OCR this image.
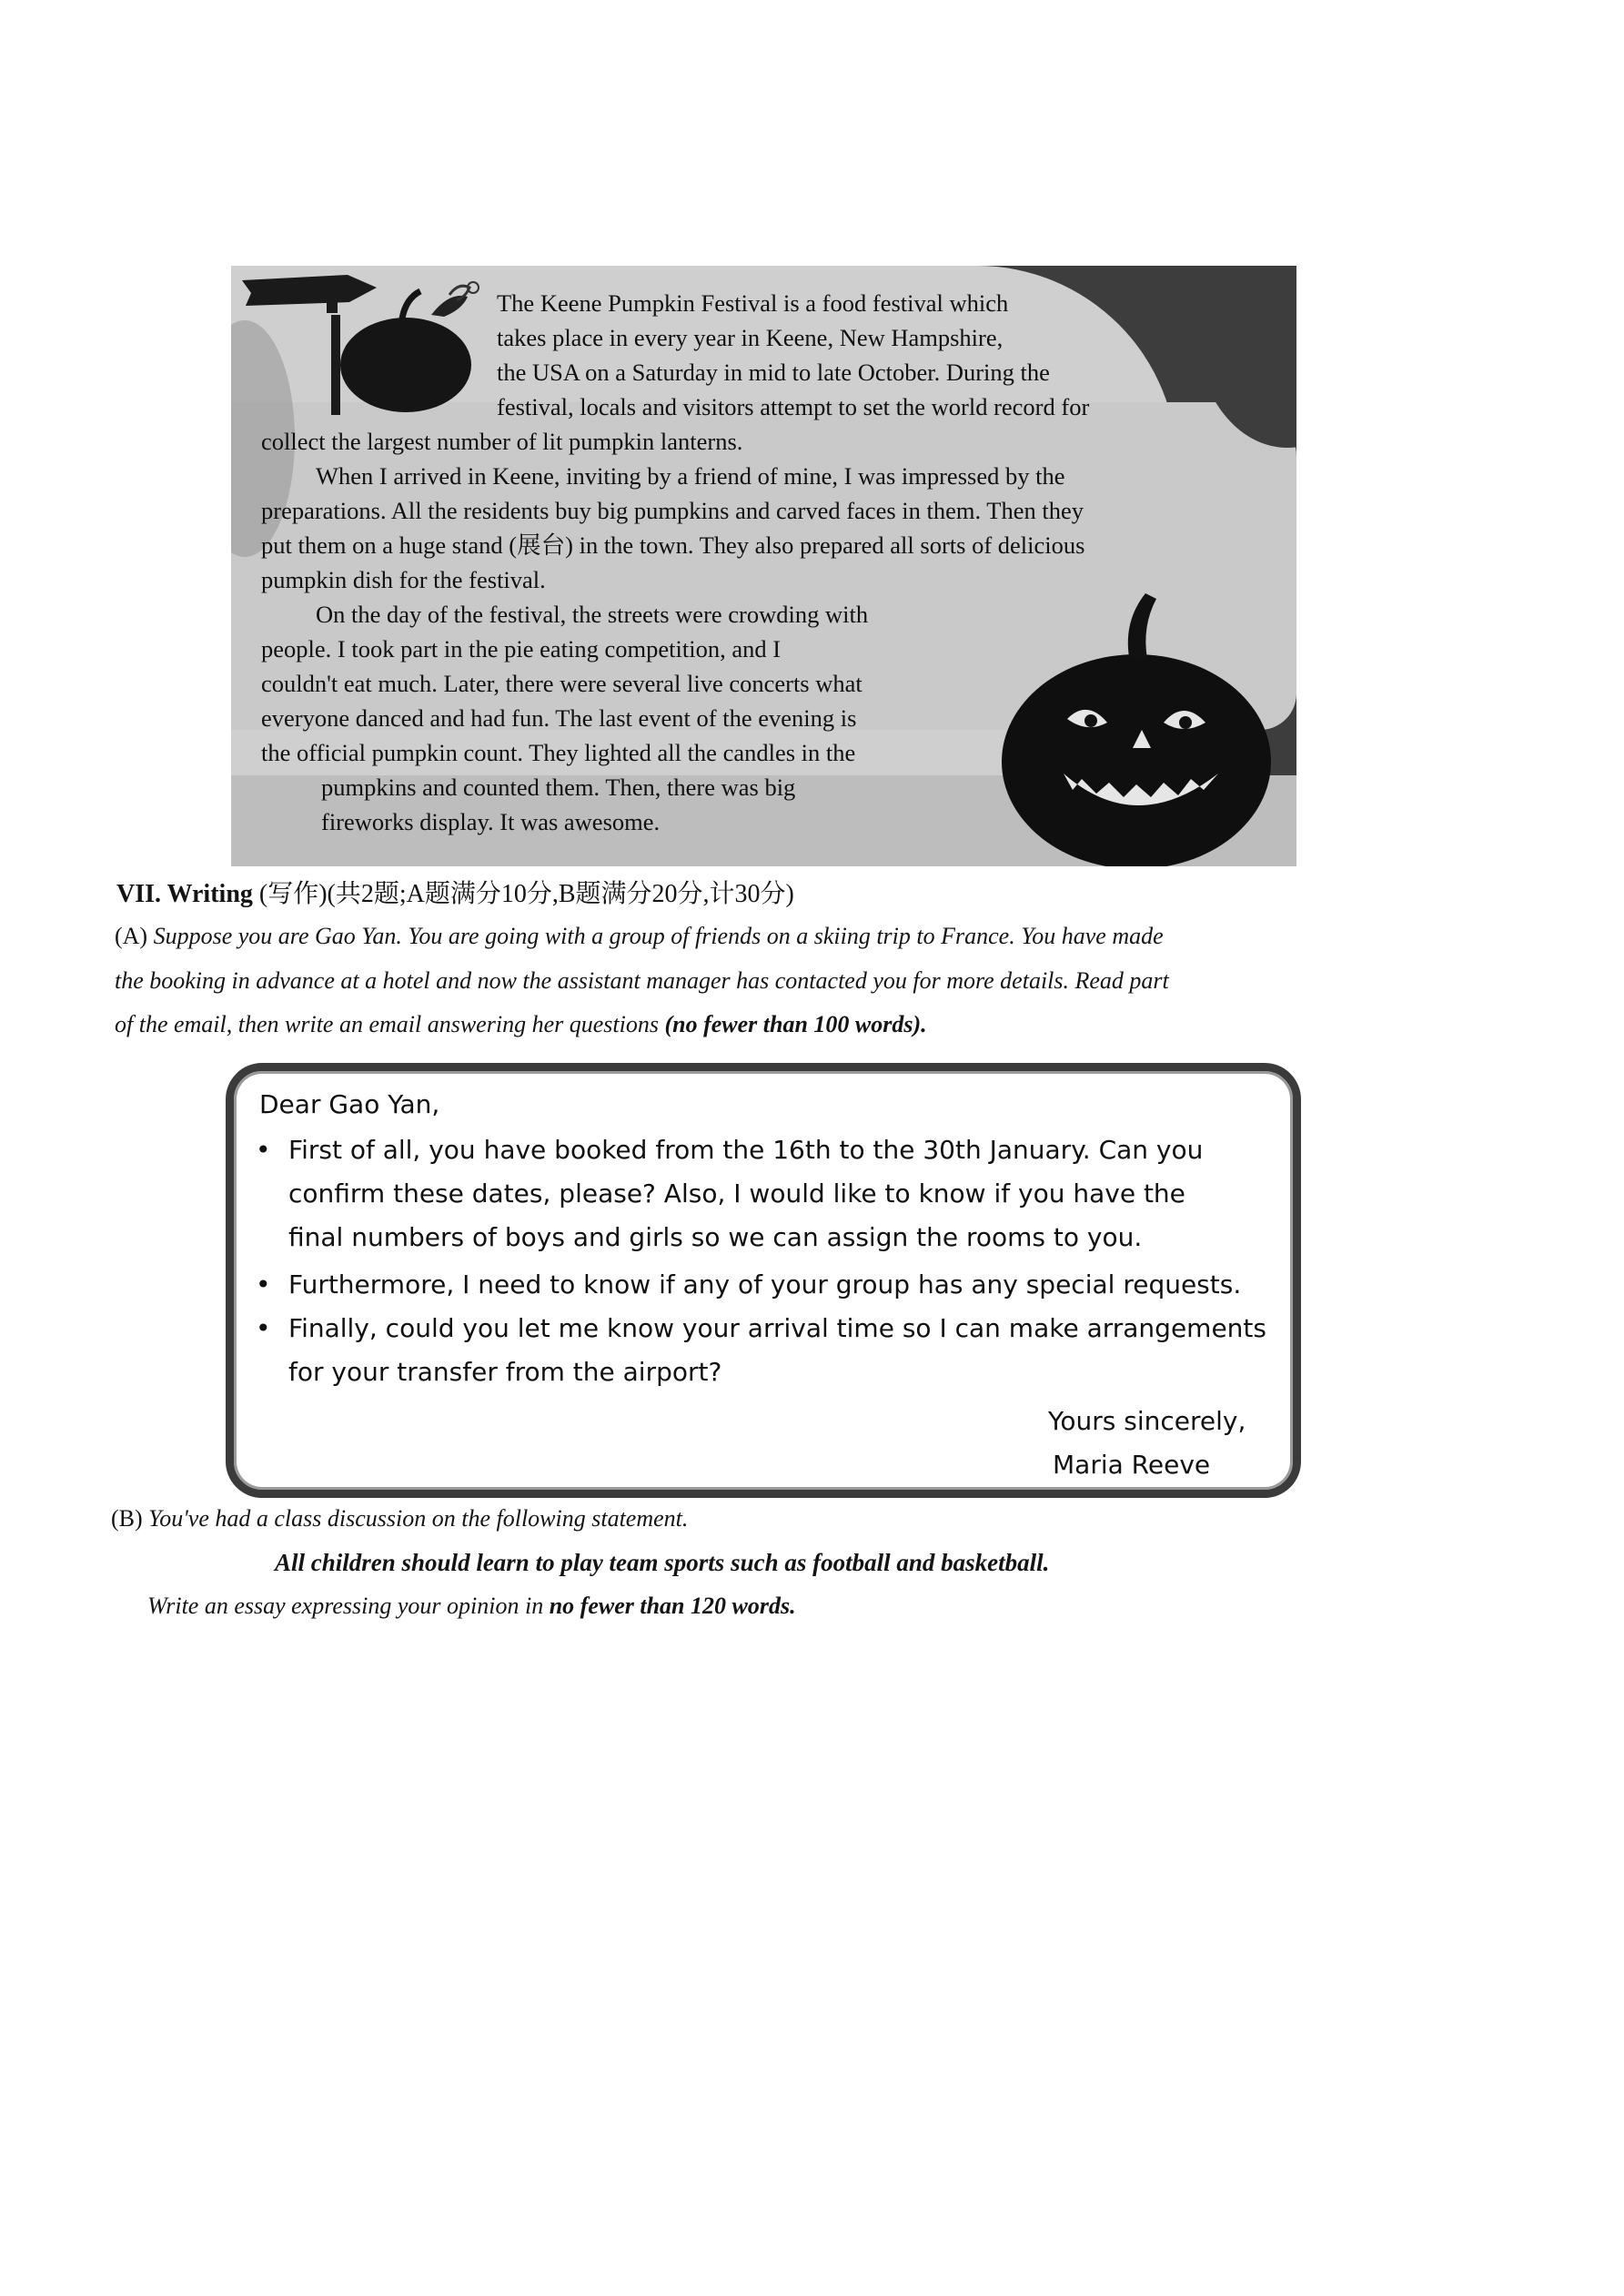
The Keene Pumpkin Festival is a food festival which
takes place in every year in Keene, New Hampshire,
the USA on a Saturday in mid to late October. During the
festival, locals and visitors attempt to set the world record for
collect the largest number of lit pumpkin lanterns.
When I arrived in Keene, inviting by a friend of mine, I was impressed by the
preparations. All the residents buy big pumpkins and carved faces in them. Then they
put them on a huge stand (展台) in the town. They also prepared all sorts of delicious
pumpkin dish for the festival.
On the day of the festival, the streets were crowding with
people. I took part in the pie eating competition, and I
couldn't eat much. Later, there were several live concerts what
everyone danced and had fun. The last event of the evening is
the official pumpkin count. They lighted all the candles in the
pumpkins and counted them. Then, there was big
fireworks display. It was awesome.
VII. Writing (写作)(共2题;A题满分10分,B题满分20分,计30分)
(A) Suppose you are Gao Yan. You are going with a group of friends on a skiing trip to France. You have made
the booking in advance at a hotel and now the assistant manager has contacted you for more details. Read part
of the email, then write an email answering her questions (no fewer than 100 words).

Dear Gao Yan,

• First of all, you have booked from the 16th to the 30th January. Can you

confirm these dates, please? Also, I would like to know if you have the

final numbers of boys and girls so we can assign the rooms to you.

• Furthermore, I need to know if any of your group has any special requests.

• Finally, could you let me know your arrival time so I can make arrangements

for your transfer from the airport?

Yours sincerely,

Maria Reeve

(B) You've had a class discussion on the following statement.
All children should learn to play team sports such as football and basketball.
Write an essay expressing your opinion in no fewer than 120 words.
